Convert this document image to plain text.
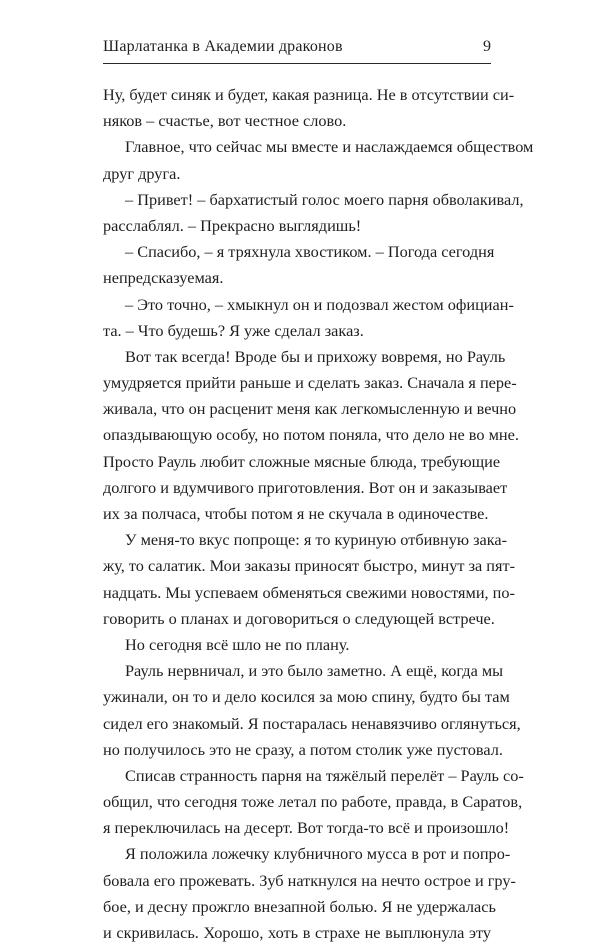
Шарлатанка в Академии драконов	9
Ну, будет синяк и будет, какая разница. Не в отсутствии си-
няков – счастье, вот честное слово.
Главное, что сейчас мы вместе и наслаждаемся обществом
друг друга.
– Привет! – бархатистый голос моего парня обволакивал,
расслаблял. – Прекрасно выглядишь!
– Спасибо, – я тряхнула хвостиком. – Погода сегодня
непредсказуемая.
– Это точно, – хмыкнул он и подозвал жестом официан-
та. – Что будешь? Я уже сделал заказ.
Вот так всегда! Вроде бы и прихожу вовремя, но Рауль
умудряется прийти раньше и сделать заказ. Сначала я пере-
живала, что он расценит меня как легкомысленную и вечно
опаздывающую особу, но потом поняла, что дело не во мне.
Просто Рауль любит сложные мясные блюда, требующие
долгого и вдумчивого приготовления. Вот он и заказывает
их за полчаса, чтобы потом я не скучала в одиночестве.
У меня-то вкус попроще: я то куриную отбивную зака-
жу, то салатик. Мои заказы приносят быстро, минут за пят-
надцать. Мы успеваем обменяться свежими новостями, по-
говорить о планах и договориться о следующей встрече.
Но сегодня всё шло не по плану.
Рауль нервничал, и это было заметно. А ещё, когда мы
ужинали, он то и дело косился за мою спину, будто бы там
сидел его знакомый. Я постаралась ненавязчиво оглянуться,
но получилось это не сразу, а потом столик уже пустовал.
Списав странность парня на тяжёлый перелёт – Рауль со-
общил, что сегодня тоже летал по работе, правда, в Саратов,
я переключилась на десерт. Вот тогда-то всё и произошло!
Я положила ложечку клубничного мусса в рот и попро-
бовала его прожевать. Зуб наткнулся на нечто острое и гру-
бое, и десну прожгло внезапной болью. Я не удержалась
и скривилась. Хорошо, хоть в страхе не выплюнула эту
